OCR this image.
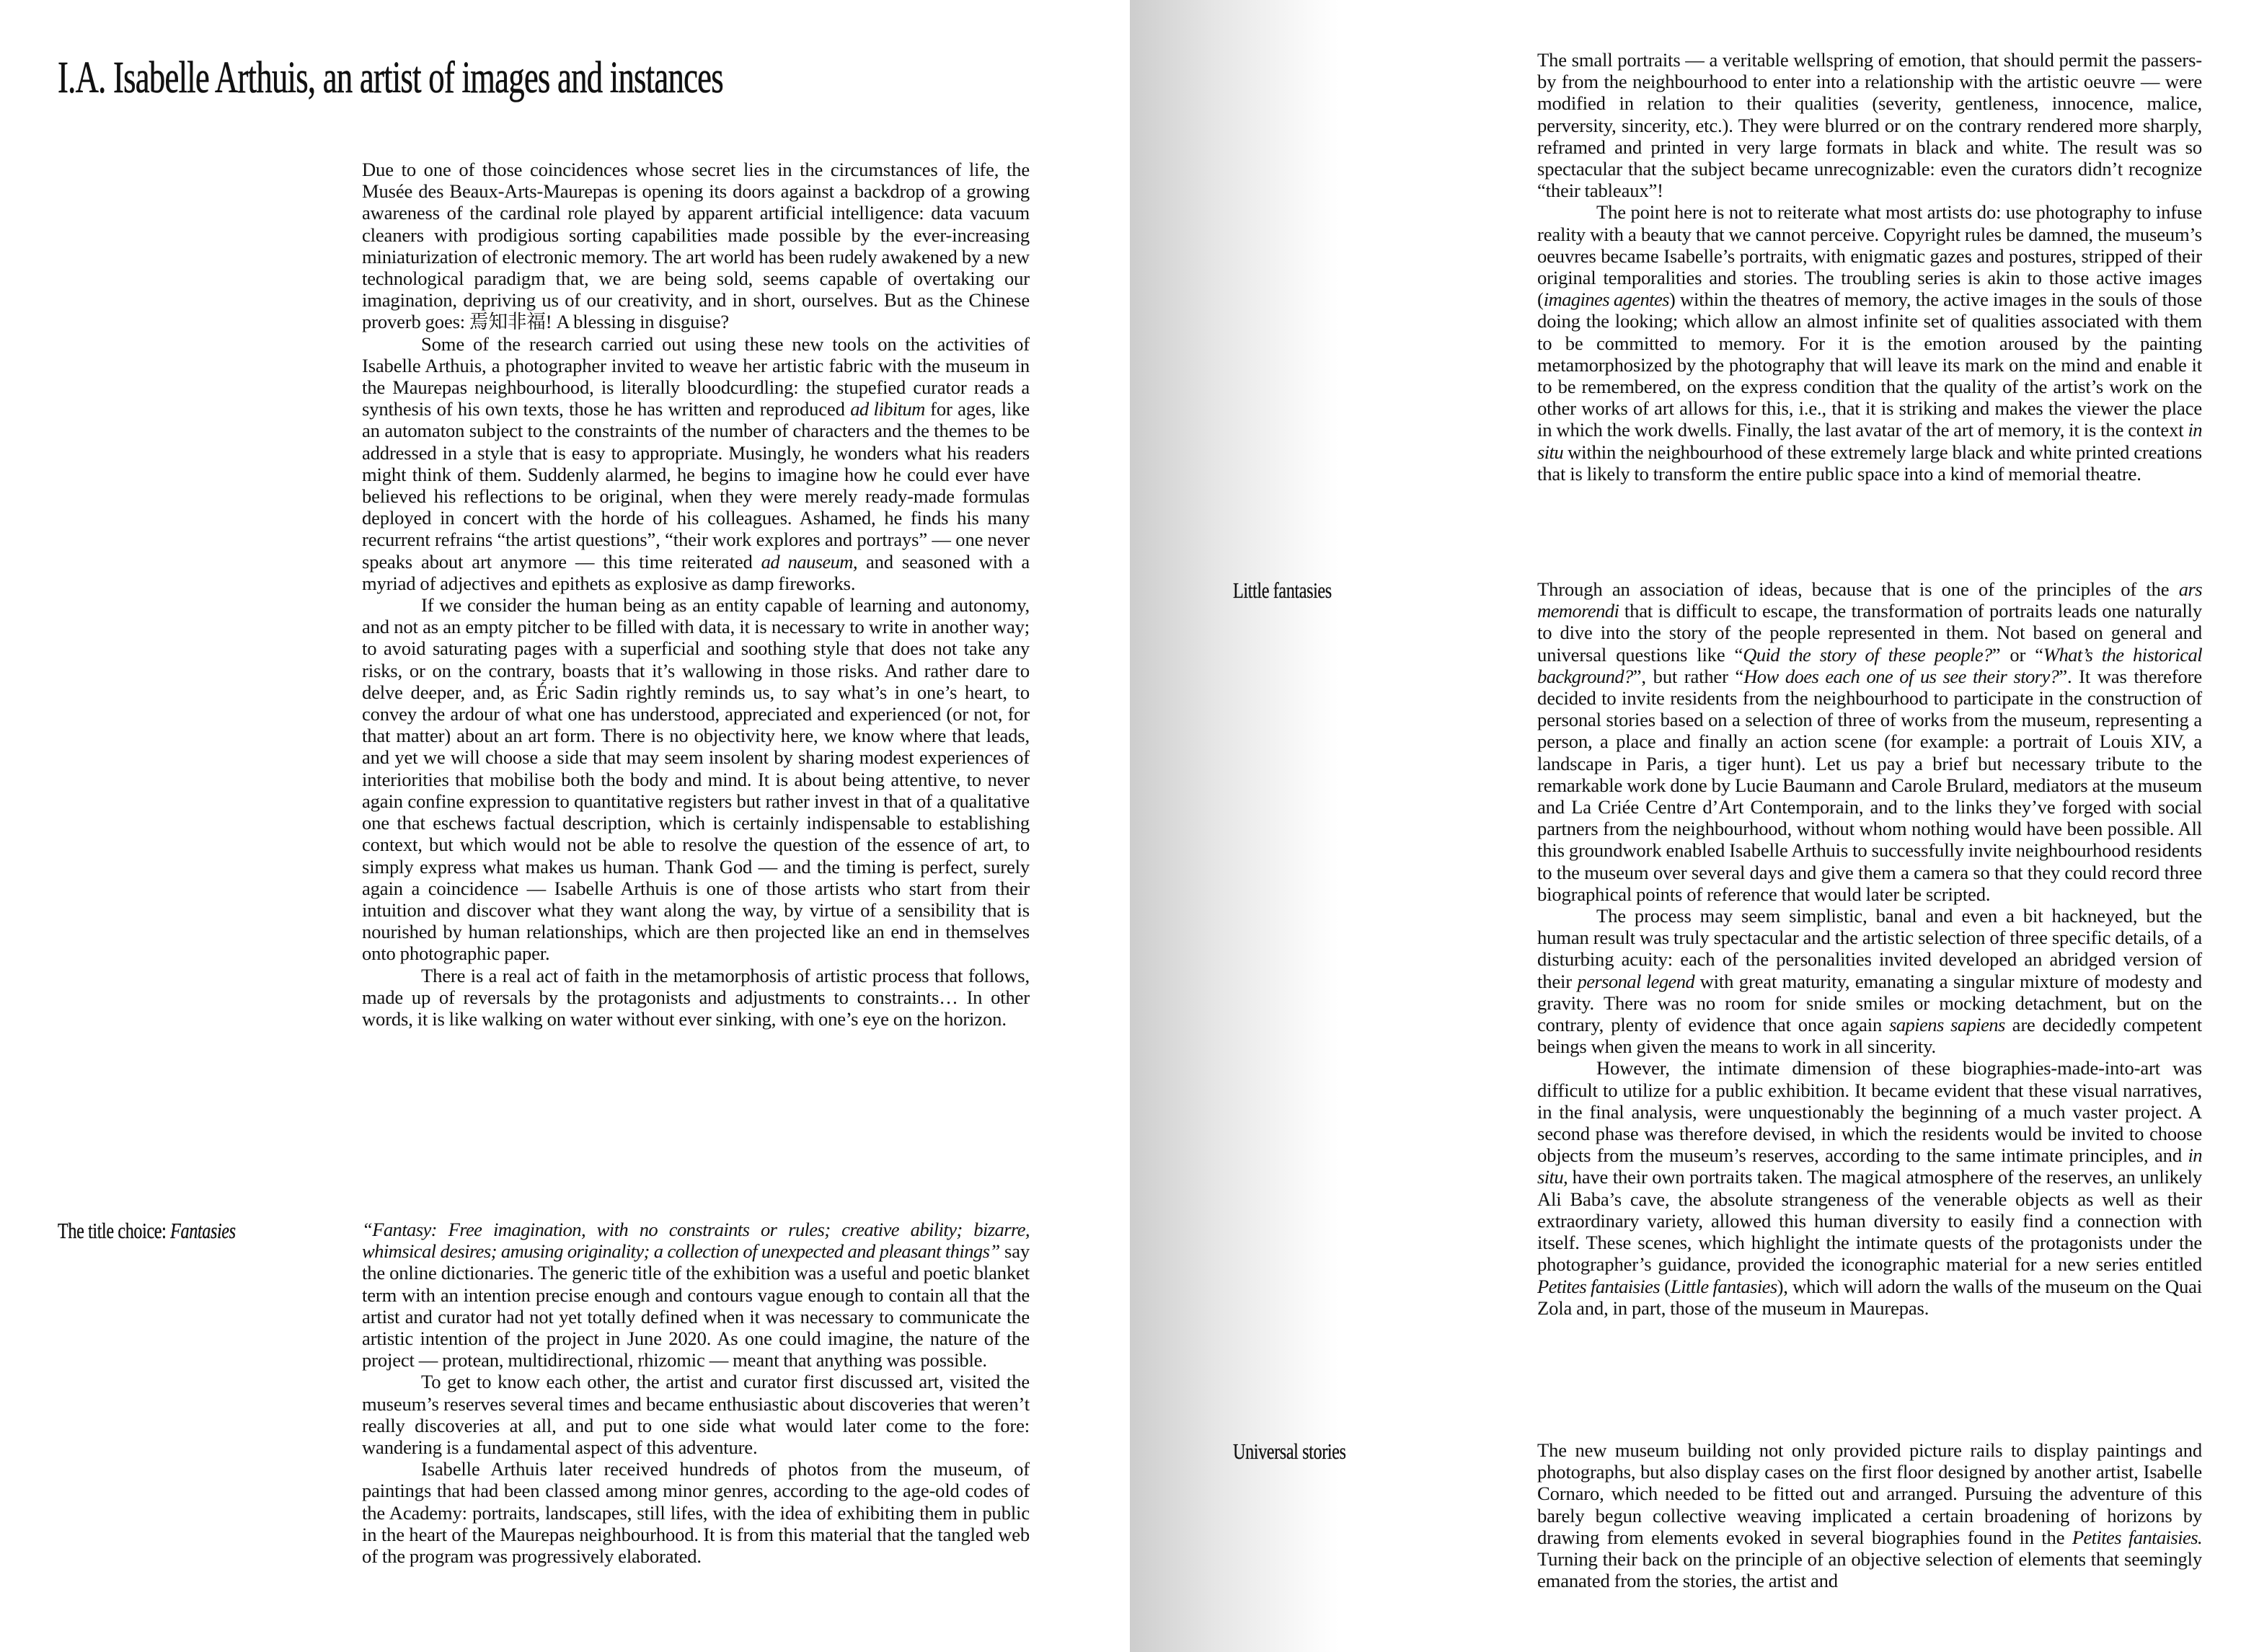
I.A. Isabelle Arthuis, an artist of images and instances

Due to one of those coincidences whose secret lies in the circumstances of life, the Musée des Beaux-Arts-Maurepas is opening its doors against a backdrop of a growing awareness of the cardinal role played by apparent artificial intelligence: data vacuum cleaners with prodigious sorting capabilities made possible by the ever-increasing miniaturization of electronic memory. The art world has been rudely awakened by a new technological paradigm that, we are being sold, seems capable of overtaking our imagination, depriving us of our creativity, and in short, ourselves. But as the Chinese proverb goes: 焉知非福! A blessing in disguise?

Some of the research carried out using these new tools on the activities of Isabelle Arthuis, a photographer invited to weave her artistic fabric with the museum in the Maurepas neighbourhood, is literally bloodcurdling: the stupefied curator reads a synthesis of his own texts, those he has written and reproduced ad libitum for ages, like an automaton subject to the constraints of the number of characters and the themes to be addressed in a style that is easy to appropriate. Musingly, he wonders what his readers might think of them. Suddenly alarmed, he begins to imagine how he could ever have believed his reflections to be original, when they were merely ready-made formulas deployed in concert with the horde of his colleagues. Ashamed, he finds his many recurrent refrains “the artist questions”, “their work explores and portrays” — one never speaks about art anymore — this time reiterated ad nauseum, and seasoned with a myriad of adjectives and epithets as explosive as damp fireworks.

If we consider the human being as an entity capable of learning and autonomy, and not as an empty pitcher to be filled with data, it is necessary to write in another way; to avoid saturating pages with a superficial and soothing style that does not take any risks, or on the contrary, boasts that it’s wallowing in those risks. And rather dare to delve deeper, and, as Éric Sadin rightly reminds us, to say what’s in one’s heart, to convey the ardour of what one has understood, appreciated and experienced (or not, for that matter) about an art form. There is no objectivity here, we know where that leads, and yet we will choose a side that may seem insolent by sharing modest experiences of interiorities that mobilise both the body and mind. It is about being attentive, to never again confine expression to quantitative registers but rather invest in that of a qualitative one that eschews factual description, which is certainly indispensable to establishing context, but which would not be able to resolve the question of the essence of art, to simply express what makes us human. Thank God — and the timing is perfect, surely again a coincidence — Isabelle Arthuis is one of those artists who start from their intuition and discover what they want along the way, by virtue of a sensibility that is nourished by human relationships, which are then projected like an end in themselves onto photographic paper.

There is a real act of faith in the metamorphosis of artistic process that follows, made up of reversals by the protagonists and adjustments to constraints… In other words, it is like walking on water without ever sinking, with one’s eye on the horizon.

The title choice: Fantasies	“Fantasy: Free imagination, with no constraints or rules; creative ability; bizarre, whimsical desires; amusing originality; a collection of unexpected and pleasant things” say the online dictionaries. The generic title of the exhibition was a useful and poetic blanket term with an intention precise enough and contours vague enough to contain all that the artist and curator had not yet totally defined when it was necessary to communicate the artistic intention of the project in June 2020. As one could imagine, the nature of the project — protean, multidirectional, rhizomic — meant that anything was possible.

To get to know each other, the artist and curator first discussed art, visited the museum’s reserves several times and became enthusiastic about discoveries that weren’t really discoveries at all, and put to one side what would later come to the fore: wandering is a fundamental aspect of this adventure.

Isabelle Arthuis later received hundreds of photos from the museum, of paintings that had been classed among minor genres, according to the age-old codes of the Academy: portraits, landscapes, still lifes, with the idea of exhibiting them in public in the heart of the Maurepas neighbourhood. It is from this material that the tangled web of the program was progressively elaborated.

The small portraits — a veritable wellspring of emotion, that should permit the passers-by from the neighbourhood to enter into a relationship with the artistic oeuvre — were modified in relation to their qualities (severity, gentleness, innocence, malice, perversity, sincerity, etc.). They were blurred or on the contrary rendered more sharply, reframed and printed in very large formats in black and white. The result was so spectacular that the subject became unrecognizable: even the curators didn’t recognize “their tableaux”!

The point here is not to reiterate what most artists do: use photography to infuse reality with a beauty that we cannot perceive. Copyright rules be damned, the museum’s oeuvres became Isabelle’s portraits, with enigmatic gazes and postures, stripped of their original temporalities and stories. The troubling series is akin to those active images (imagines agentes) within the theatres of memory, the active images in the souls of those doing the looking; which allow an almost infinite set of qualities associated with them to be committed to memory. For it is the emotion aroused by the painting metamorphosized by the photography that will leave its mark on the mind and enable it to be remembered, on the express condition that the quality of the artist’s work on the other works of art allows for this, i.e., that it is striking and makes the viewer the place in which the work dwells. Finally, the last avatar of the art of memory, it is the context in situ within the neighbourhood of these extremely large black and white printed creations that is likely to transform the entire public space into a kind of memorial theatre.

Little fantasies	Through an association of ideas, because that is one of the principles of the ars memorendi that is difficult to escape, the transformation of portraits leads one naturally to dive into the story of the people represented in them. Not based on general and universal questions like “Quid the story of these people?” or “What’s the historical background?”, but rather “How does each one of us see their story?”. It was therefore decided to invite residents from the neighbourhood to participate in the construction of personal stories based on a selection of three of works from the museum, representing a person, a place and finally an action scene (for example: a portrait of Louis XIV, a landscape in Paris, a tiger hunt). Let us pay a brief but necessary tribute to the remarkable work done by Lucie Baumann and Carole Brulard, mediators at the museum and La Criée Centre d’Art Contemporain, and to the links they’ve forged with social partners from the neighbourhood, without whom nothing would have been possible. All this groundwork enabled Isabelle Arthuis to successfully invite neighbourhood residents to the museum over several days and give them a camera so that they could record three biographical points of reference that would later be scripted.

The process may seem simplistic, banal and even a bit hackneyed, but the human result was truly spectacular and the artistic selection of three specific details, of a disturbing acuity: each of the personalities invited developed an abridged version of their personal legend with great maturity, emanating a singular mixture of modesty and gravity. There was no room for snide smiles or mocking detachment, but on the contrary, plenty of evidence that once again sapiens sapiens are decidedly competent beings when given the means to work in all sincerity.

However, the intimate dimension of these biographies-made-into-art was difficult to utilize for a public exhibition. It became evident that these visual narratives, in the final analysis, were unquestionably the beginning of a much vaster project. A second phase was therefore devised, in which the residents would be invited to choose objects from the museum’s reserves, according to the same intimate principles, and in situ, have their own portraits taken. The magical atmosphere of the reserves, an unlikely Ali Baba’s cave, the absolute strangeness of the venerable objects as well as their extraordinary variety, allowed this human diversity to easily find a connection with itself. These scenes, which highlight the intimate quests of the protagonists under the photographer’s guidance, provided the iconographic material for a new series entitled Petites fantaisies (Little fantasies), which will adorn the walls of the museum on the Quai Zola and, in part, those of the museum in Maurepas.

Universal stories	The new museum building not only provided picture rails to display paintings and photographs, but also display cases on the first floor designed by another artist, Isabelle Cornaro, which needed to be fitted out and arranged. Pursuing the adventure of this barely begun collective weaving implicated a certain broadening of horizons by drawing from elements evoked in several biographies found in the Petites fantaisies. Turning their back on the principle of an objective selection of elements that seemingly emanated from the stories, the artist and
